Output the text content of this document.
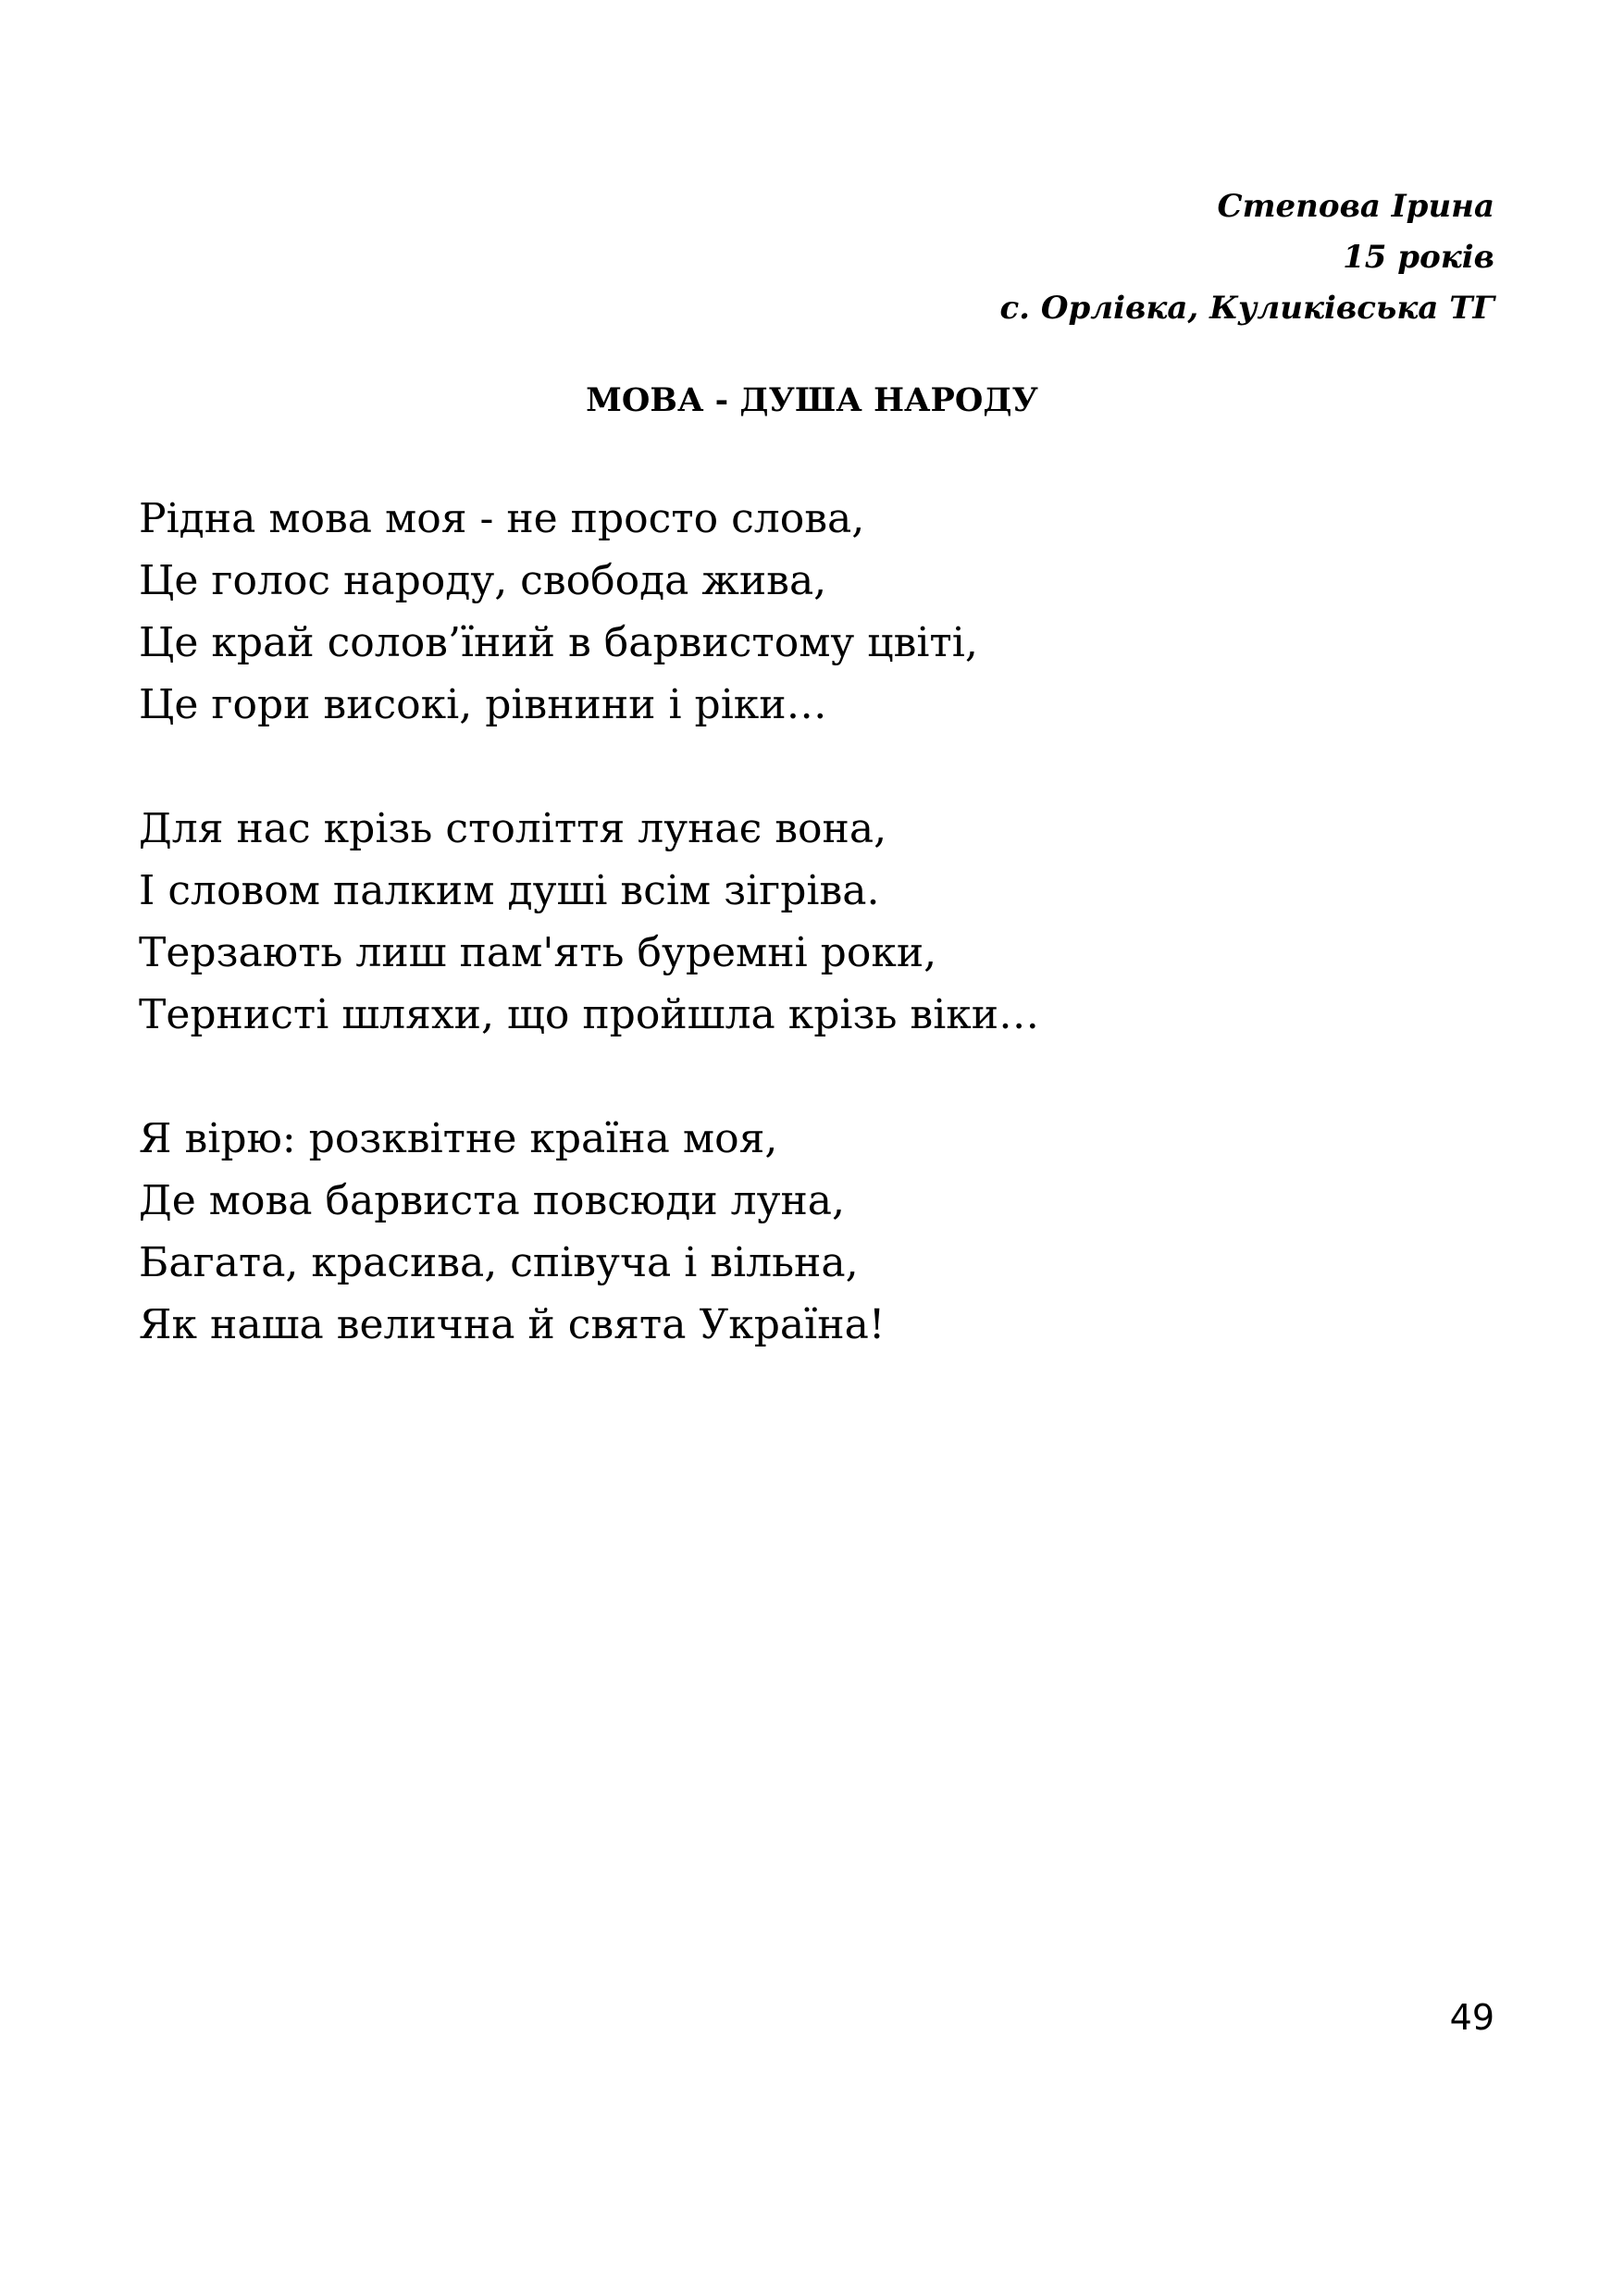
Степова Ірина
15 років
с. Орлівка, Куликівська ТГ
МОВА - ДУША НАРОДУ
Рідна мова моя - не просто слова,
Це голос народу, свобода жива,
Це край солов’їний в барвистому цвіті,
Це гори високі, рівнини і ріки…
Для нас крізь століття лунає вона,
І словом палким душі всім зігріва.
Терзають лиш пам'ять буремні роки,
Тернисті шляхи, що пройшла крізь віки…
Я вірю: розквітне країна моя,
Де мова барвиста повсюди луна,
Багата, красива, співуча і вільна,
Як наша велична й свята Україна!
49
